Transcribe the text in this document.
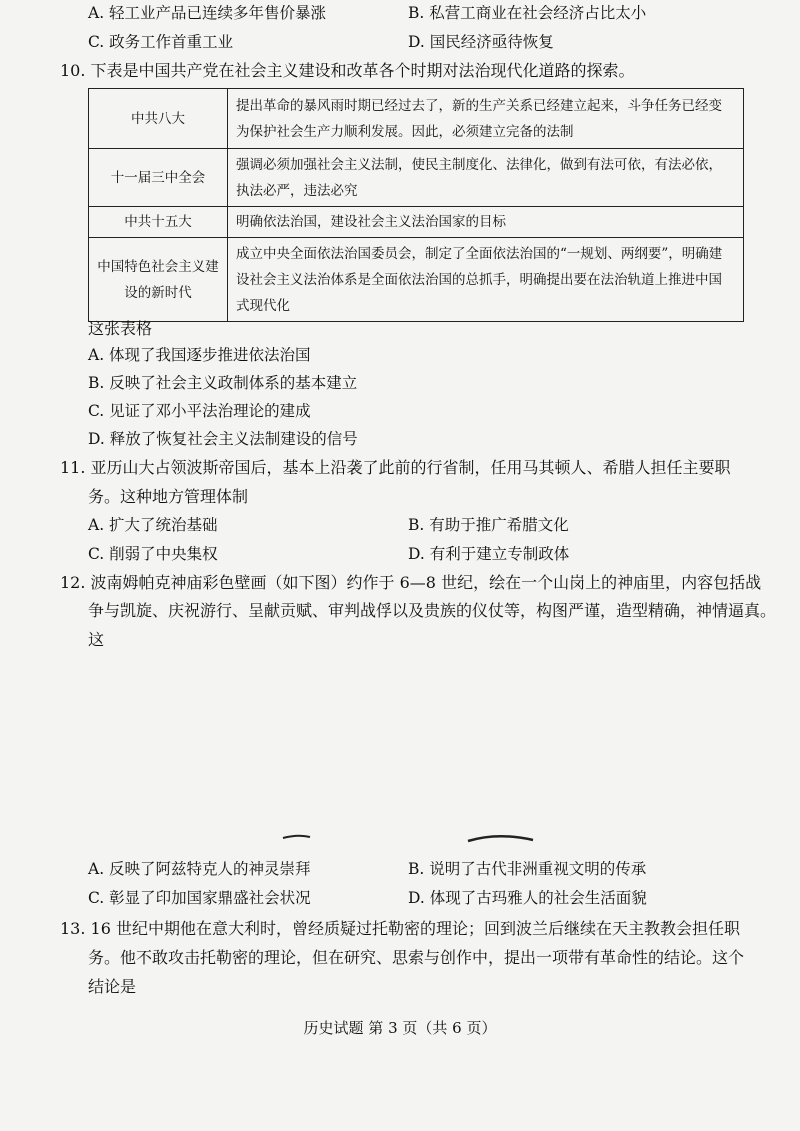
A. 轻工业产品已连续多年售价暴涨	B. 私营工商业在社会经济占比太小
C. 政务工作首重工业	D. 国民经济亟待恢复
10. 下表是中国共产党在社会主义建设和改革各个时期对法治现代化道路的探索。
中共八大	提出革命的暴风雨时期已经过去了，新的生产关系已经建立起来，斗争任务已经变为保护社会生产力顺利发展。因此，必须建立完备的法制
十一届三中全会	强调必须加强社会主义法制，使民主制度化、法律化，做到有法可依，有法必依，执法必严，违法必究
中共十五大	明确依法治国，建设社会主义法治国家的目标
中国特色社会主义建设的新时代	成立中央全面依法治国委员会，制定了全面依法治国的“一规划、两纲要”，明确建设社会主义法治体系是全面依法治国的总抓手，明确提出要在法治轨道上推进中国式现代化
这张表格
A. 体现了我国逐步推进依法治国
B. 反映了社会主义政制体系的基本建立
C. 见证了邓小平法治理论的建成
D. 释放了恢复社会主义法制建设的信号
11. 亚历山大占领波斯帝国后，基本上沿袭了此前的行省制，任用马其顿人、希腊人担任主要职
务。这种地方管理体制
A. 扩大了统治基础	B. 有助于推广希腊文化
C. 削弱了中央集权	D. 有利于建立专制政体
12. 波南姆帕克神庙彩色壁画（如下图）约作于 6—8 世纪，绘在一个山岗上的神庙里，内容包括战
争与凯旋、庆祝游行、呈献贡赋、审判战俘以及贵族的仪仗等，构图严谨，造型精确，神情逼真。
这
A. 反映了阿兹特克人的神灵崇拜	B. 说明了古代非洲重视文明的传承
C. 彰显了印加国家鼎盛社会状况	D. 体现了古玛雅人的社会生活面貌
13. 16 世纪中期他在意大利时，曾经质疑过托勒密的理论；回到波兰后继续在天主教教会担任职
务。他不敢攻击托勒密的理论，但在研究、思索与创作中，提出一项带有革命性的结论。这个
结论是
历史试题 第 3 页（共 6 页）
